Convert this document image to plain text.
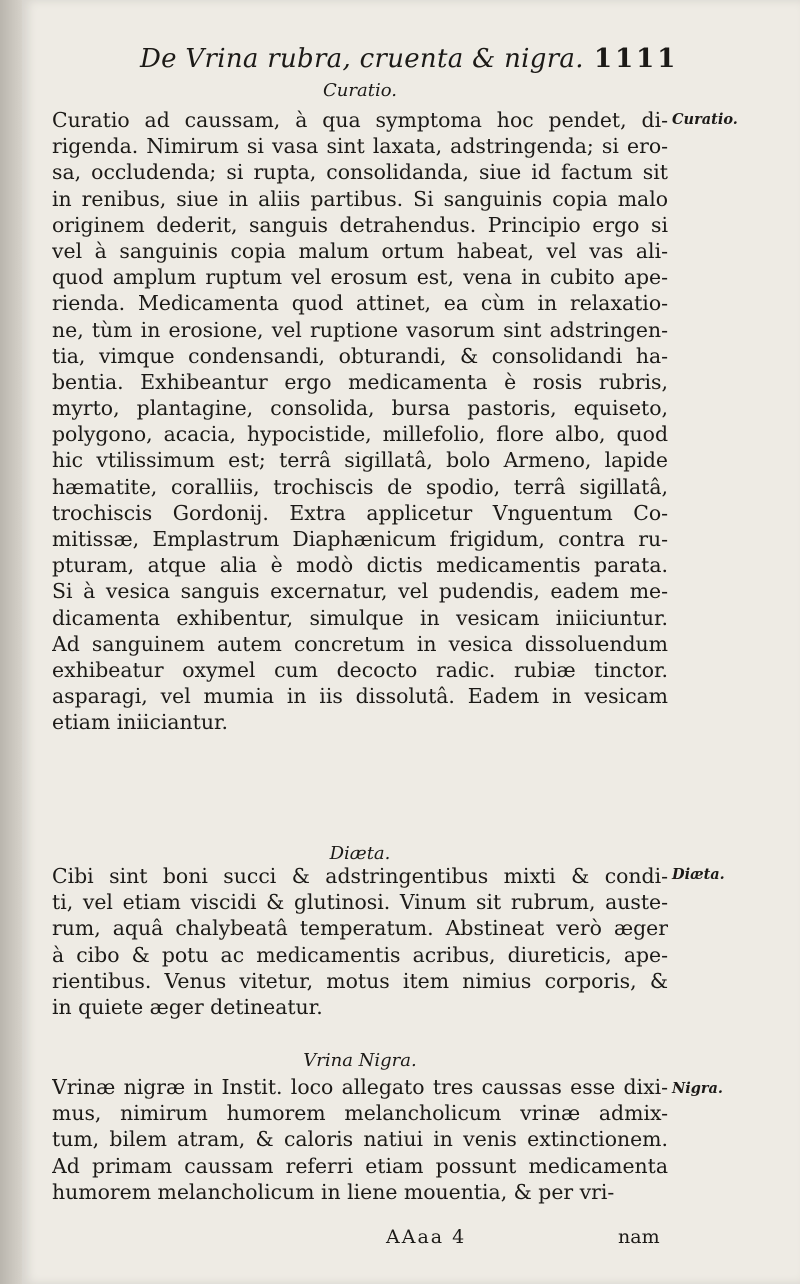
De Vrina rubra, cruenta & nigra. 1111
Curatio.
Curatio.
Curatio ad caussam, à qua symptoma hoc pendet, di-
rigenda. Nimirum si vasa sint laxata, adstringenda; si ero-
sa, occludenda; si rupta, consolidanda, siue id factum sit
in renibus, siue in aliis partibus. Si sanguinis copia malo
originem dederit, sanguis detrahendus. Principio ergo si
vel à sanguinis copia malum ortum habeat, vel vas ali-
quod amplum ruptum vel erosum est, vena in cubito ape-
rienda. Medicamenta quod attinet, ea cùm in relaxatio-
ne, tùm in erosione, vel ruptione vasorum sint adstringen-
tia, vimque condensandi, obturandi, & consolidandi ha-
bentia. Exhibeantur ergo medicamenta è rosis rubris,
myrto, plantagine, consolida, bursa pastoris, equiseto,
polygono, acacia, hypocistide, millefolio, flore albo, quod
hic vtilissimum est; terrâ sigillatâ, bolo Armeno, lapide
hæmatite, coralliis, trochiscis de spodio, terrâ sigillatâ,
trochiscis Gordonij. Extra applicetur Vnguentum Co-
mitissæ, Emplastrum Diaphænicum frigidum, contra ru-
pturam, atque alia è modò dictis medicamentis parata.
Si à vesica sanguis excernatur, vel pudendis, eadem me-
dicamenta exhibentur, simulque in vesicam iniiciuntur.
Ad sanguinem autem concretum in vesica dissoluendum
exhibeatur oxymel cum decocto radic. rubiæ tinctor.
asparagi, vel mumia in iis dissolutâ. Eadem in vesicam
etiam iniiciantur.
Diæta.
Diæta.
Cibi sint boni succi & adstringentibus mixti & condi-
ti, vel etiam viscidi & glutinosi. Vinum sit rubrum, auste-
rum, aquâ chalybeatâ temperatum. Abstineat verò æger
à cibo & potu ac medicamentis acribus, diureticis, ape-
rientibus. Venus vitetur, motus item nimius corporis, &
in quiete æger detineatur.
Vrina Nigra.
Nigra.
Vrinæ nigræ in Instit. loco allegato tres caussas esse dixi-
mus, nimirum humorem melancholicum vrinæ admix-
tum, bilem atram, & caloris natiui in venis extinctionem.
Ad primam caussam referri etiam possunt medicamenta
humorem melancholicum in liene mouentia, & per vri-
AAaa 4	nam
